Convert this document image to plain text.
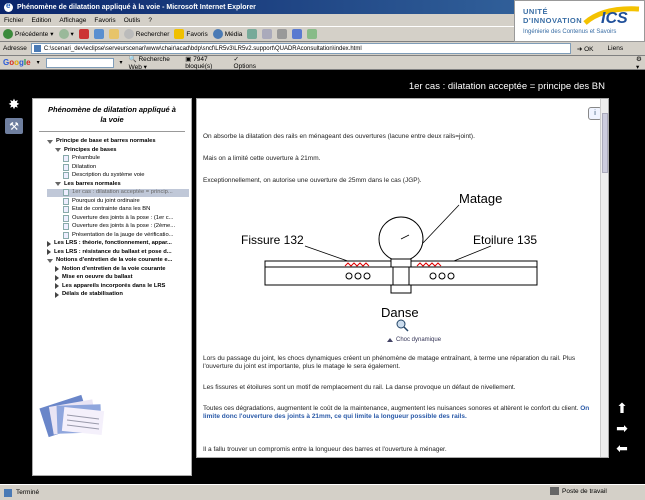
e
Phénomène de dilatation appliqué à la voie - Microsoft Internet Explorer	UNITÉ
D'INNOVATION ICS
Ingénierie des Contenus et Savoirs
Fichier Edition Affichage Favoris Outils ?
Précédente ▾	▾	Rechercher	Favoris	Média
Adresse	C:\scenari_dev\eclipse\serveurscenari\www\chair\acad\bdp\sncf\LR5v3\LR5v2.support\QUADRAconsultation\index.html	➜ OK Liens
Google ▾	▾
🔍 Recherche Web ▾
▣ 7947 bloqué(s)
✓ Options
⚙ ▾
✸
⚒
1er cas : dilatation acceptée = principe des BN
Phénomène de dilatation appliqué à la voie
Principe de base et barres normales
Principes de bases
Préambule
Dilatation
Description du système voie
Les barres normales
1er cas : dilatation acceptée = princip...
Pourquoi du joint ordinaire
Etat de contrainte dans les BN
Ouverture des joints à la pose : (1er c...
Ouverture des joints à la pose : (2ème...
Présentation de la jauge de vérificatio...
Les LRS : théorie, fonctionnement, appar...
Les LRS : résistance du ballast et pose d...
Notions d'entretien de la voie courante e...
Notion d'entretien de la voie courante
Mise en oeuvre du ballast
Les appareils incorporés dans le LRS
Délais de stabilisation
▥	?	⎙
i

On absorbe la dilatation des rails en ménageant des ouvertures (lacune entre deux rails=joint).

Mais on a limité cette ouverture à 21mm.

Exceptionnellement, on autorise une ouverture de 25mm dans le cas (JGP).

Matage
Fissure 132	Etoilure 135
Danse
Choc dynamique

Lors du passage du joint, les chocs dynamiques créent un phénomène de matage entraînant, à terme une réparation du rail. Plus l'ouverture du joint est importante, plus le matage le sera également.

Les fissures et étoilures sont un motif de remplacement du rail. La danse provoque un défaut de nivellement.

Toutes ces dégradations, augmentent le coût de la maintenance, augmentent les nuisances sonores et altèrent le confort du client. On limite donc l'ouverture des joints à 21mm, ce qui limite la longueur possible des rails.

Il a fallu trouver un compromis entre la longueur des barres et l'ouverture à ménager.

⬆
➡
⬅
Terminé	Poste de travail
